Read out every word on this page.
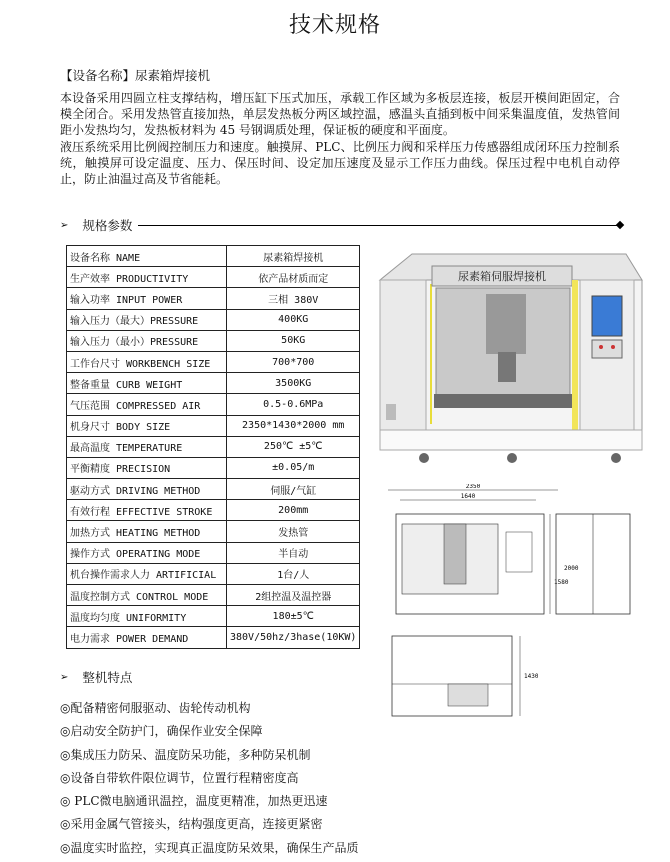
技术规格
【设备名称】尿素箱焊接机

本设备采用四圆立柱支撑结构，增压缸下压式加压，承载工作区域为多板层连接，板层开模间距固定，合模全闭合。采用发热管直接加热，单层发热板分两区域控温，感温头直插到板中间采集温度值，发热管间距小发热均匀，发热板材料为 45 号钢调质处理，保证板的硬度和平面度。

液压系统采用比例阀控制压力和速度。触摸屏、PLC、比例压力阀和采样压力传感器组成闭环压力控制系统，触摸屏可设定温度、压力、保压时间、设定加压速度及显示工作压力曲线。保压过程中电机自动停止，防止油温过高及节省能耗。

➢ 规格参数
设备名称 NAME	尿素箱焊接机
生产效率 PRODUCTIVITY	依产品材质而定
输入功率 INPUT POWER	三相 380V
输入压力（最大）PRESSURE	400KG
输入压力（最小）PRESSURE	50KG
工作台尺寸 WORKBENCH SIZE	700*700
整备重量 CURB WEIGHT	3500KG
气压范围 COMPRESSED AIR	0.5-0.6MPa
机身尺寸 BODY SIZE	2350*1430*2000 mm
最高温度 TEMPERATURE	250℃ ±5℃
平衡精度 PRECISION	±0.05/m
驱动方式 DRIVING METHOD	伺服/气缸
有效行程 EFFECTIVE STROKE	200mm
加热方式 HEATING METHOD	发热管
操作方式 OPERATING MODE	半自动
机台操作需求人力 ARTIFICIAL	1台/人
温度控制方式 CONTROL MODE	2组控温及温控器
温度均匀度 UNIFORMITY	180±5℃
电力需求 POWER DEMAND	380V/50hz/3hase(10KW)
尿素箱伺服焊接机
2350
1640
1580
2000
1430
➢ 整机特点
◎配备精密伺服驱动、齿轮传动机构
◎启动安全防护门，确保作业安全保障
◎集成压力防呆、温度防呆功能，多种防呆机制
◎设备自带软件限位调节，位置行程精密度高
◎ PLC微电脑通讯温控，温度更精准，加热更迅速
◎采用金属气管接头，结构强度更高，连接更紧密
◎温度实时监控，实现真正温度防呆效果，确保生产品质
